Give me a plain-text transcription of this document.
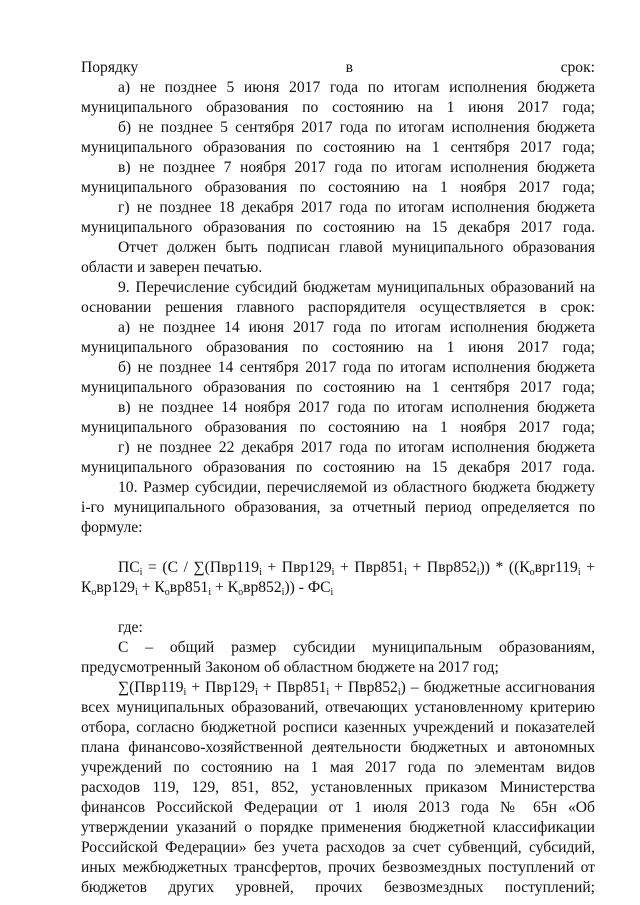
Порядку в срок:

а) не позднее 5 июня 2017 года по итогам исполнения бюджета

муниципального образования по состоянию на 1 июня 2017 года;

б) не позднее 5 сентября 2017 года по итогам исполнения бюджета

муниципального образования по состоянию на 1 сентября 2017 года;

в) не позднее 7 ноября 2017 года по итогам исполнения бюджета

муниципального образования по состоянию на 1 ноября 2017 года;

г) не позднее 18 декабря 2017 года по итогам исполнения бюджета

муниципального образования по состоянию на 15 декабря 2017 года.

Отчет должен быть подписан главой муниципального образования

области и заверен печатью.

9. Перечисление субсидий бюджетам муниципальных образований на

основании решения главного распорядителя осуществляется в срок:

а) не позднее 14 июня 2017 года по итогам исполнения бюджета

муниципального образования по состоянию на 1 июня 2017 года;

б) не позднее 14 сентября 2017 года по итогам исполнения бюджета

муниципального образования по состоянию на 1 сентября 2017 года;

в) не позднее 14 ноября 2017 года по итогам исполнения бюджета

муниципального образования по состоянию на 1 ноября 2017 года;

г) не позднее 22 декабря 2017 года по итогам исполнения бюджета

муниципального образования по состоянию на 15 декабря 2017 года.

10. Размер субсидии, перечисляемой из областного бюджета бюджету

i-го муниципального образования, за отчетный период определяется по

формуле:

$ПС_i = (С / \sum(Пвр119_i + Пвр129_i + Пвр851_i + Пвр852_i)) * ((К_оврr119_i$ +

$К_овр129_i + К_овр851_i + К_овр852_i)) - ФС_i$

где:

С – общий размер субсидии муниципальным образованиям,

предусмотренный Законом об областном бюджете на 2017 год;

$\sum(Пвр119_i + Пвр129_i + Пвр851_i + Пвр852_i)$ – бюджетные ассигнования

всех муниципальных образований, отвечающих установленному критерию

отбора, согласно бюджетной росписи казенных учреждений и показателей

плана финансово-хозяйственной деятельности бюджетных и автономных

учреждений по состоянию на 1 мая 2017 года по элементам видов

расходов 119, 129, 851, 852, установленных приказом Министерства

финансов Российской Федерации от 1 июля 2013 года № 65н «Об

утверждении указаний о порядке применения бюджетной классификации

Российской Федерации» без учета расходов за счет субвенций, субсидий,

иных межбюджетных трансфертов, прочих безвозмездных поступлений от

бюджетов других уровней, прочих безвозмездных поступлений;
